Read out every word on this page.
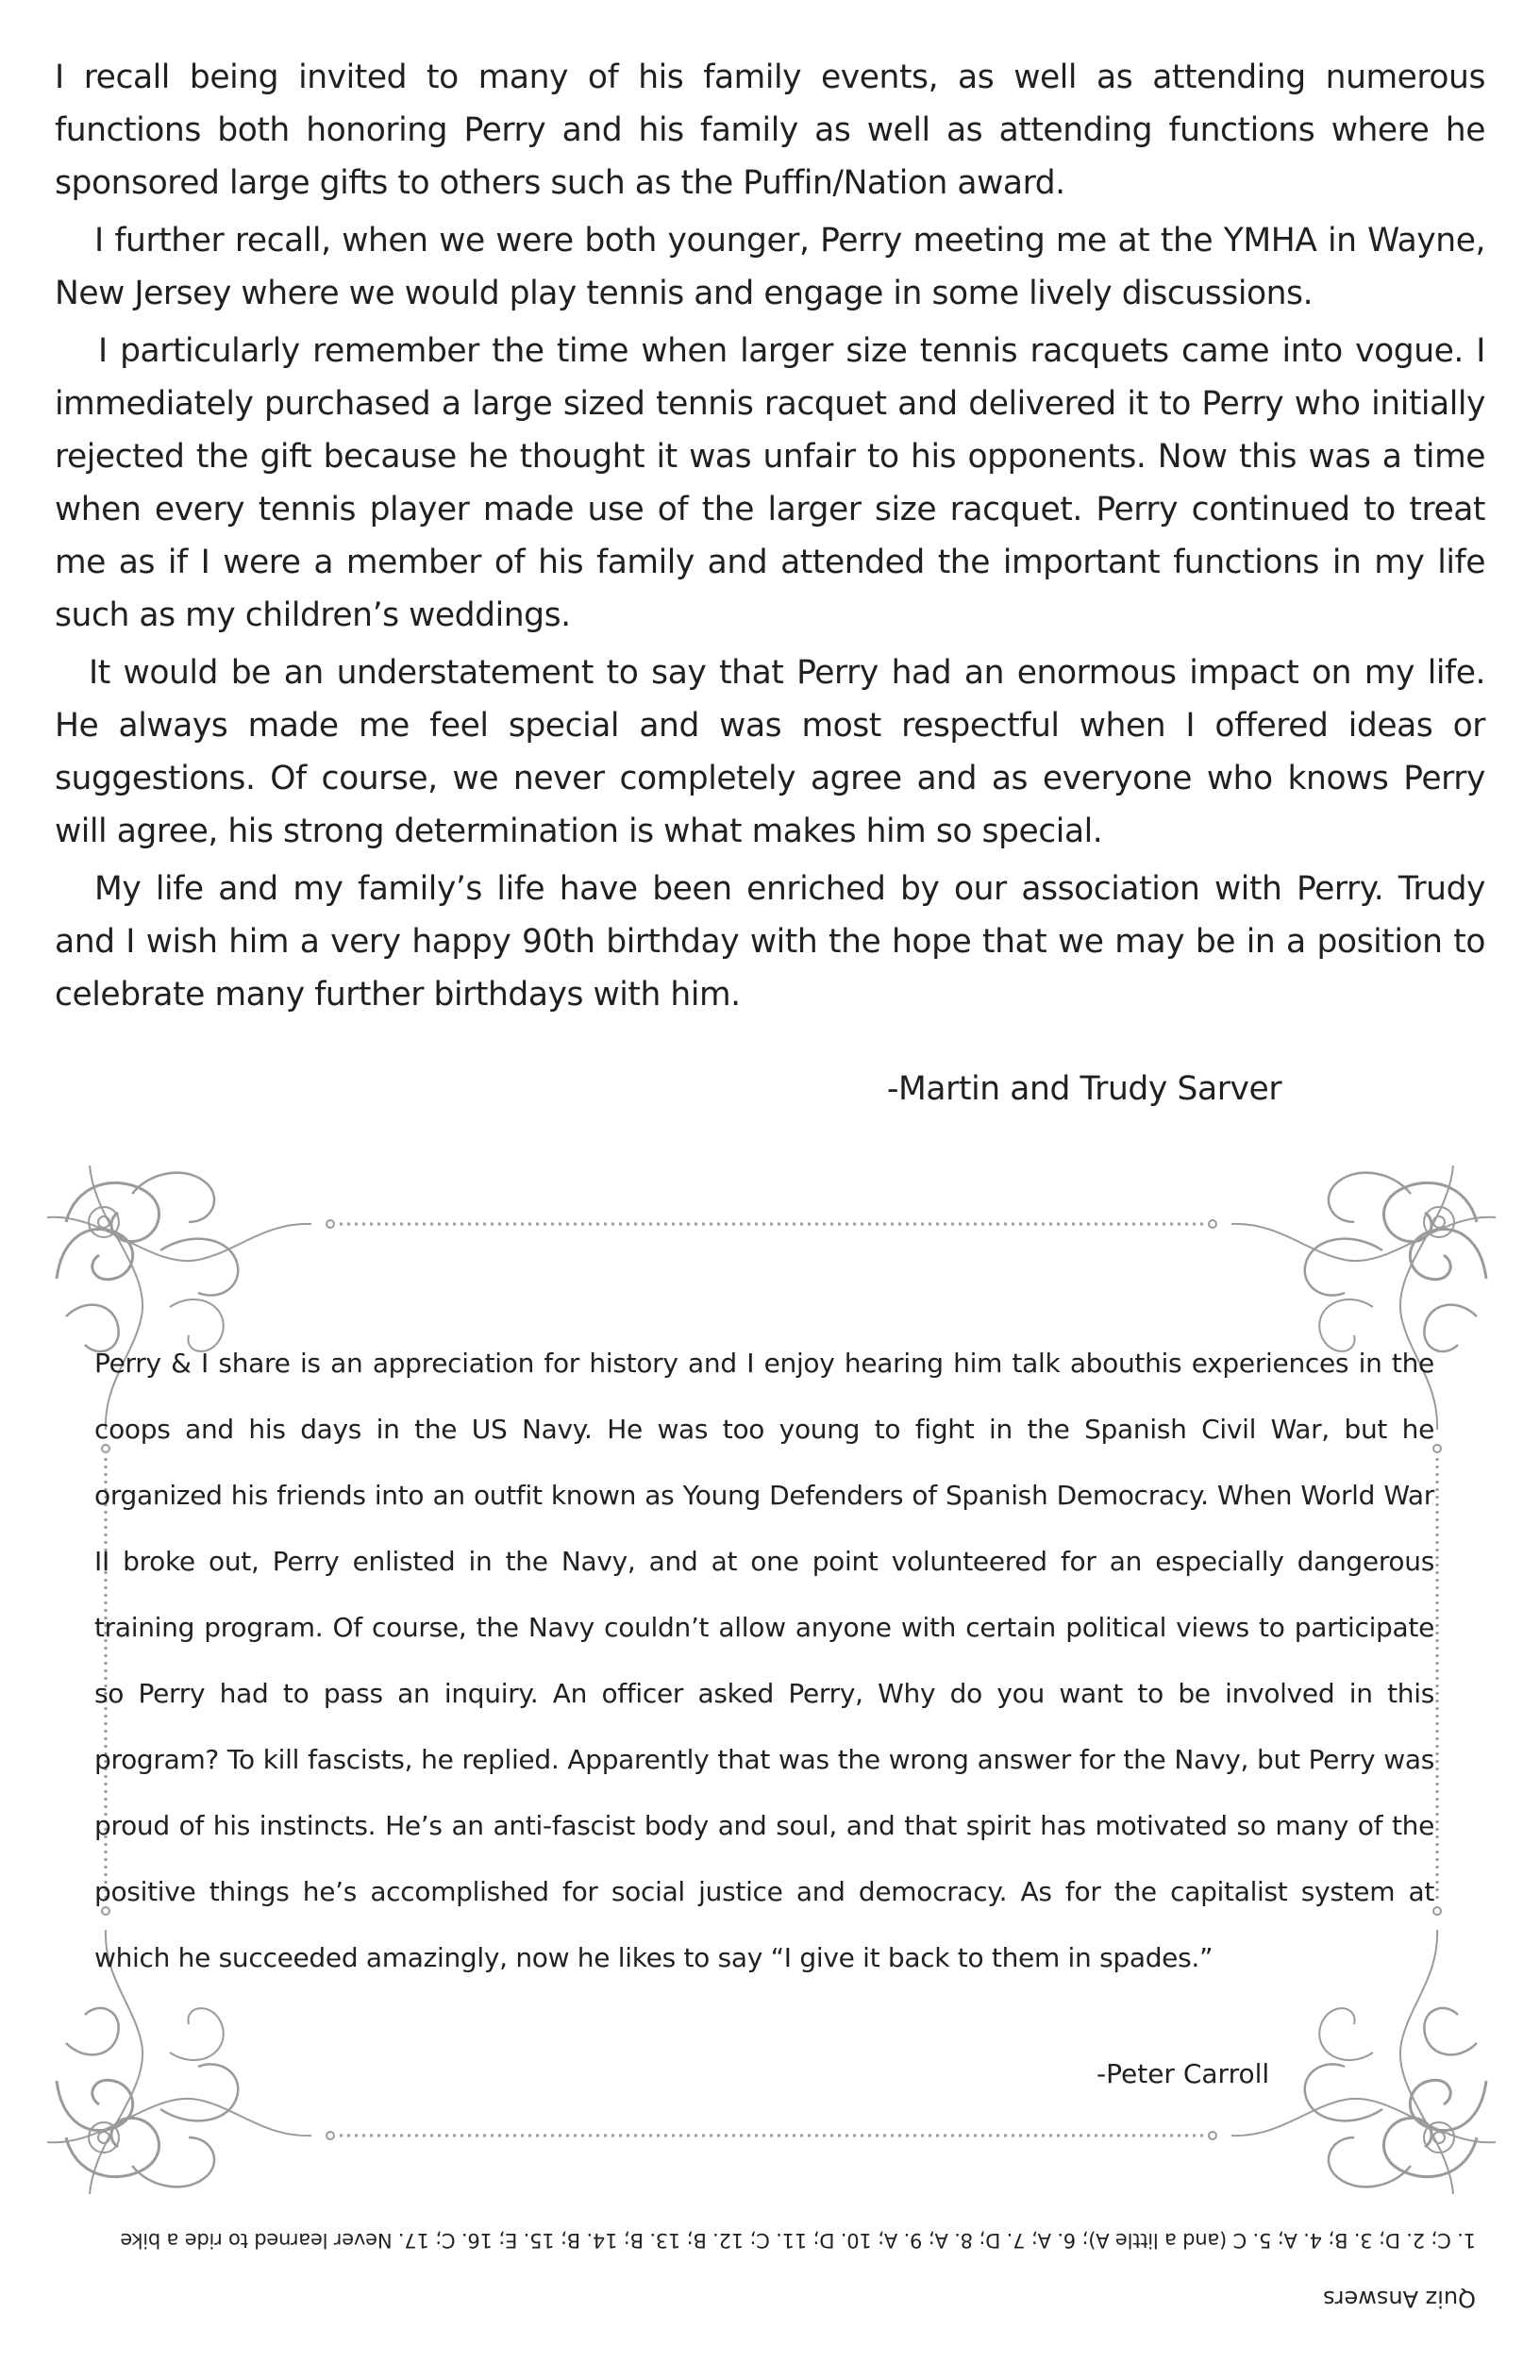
I recall being invited to many of his family events, as well as attending numerous functions both honoring Perry and his family as well as attending functions where he sponsored large gifts to others such as the Puffin/Nation award.

I further recall, when we were both younger, Perry meeting me at the YMHA in Wayne, New Jersey where we would play tennis and engage in some lively discussions.

I particularly remember the time when larger size tennis racquets came into vogue. I immediately purchased a large sized tennis racquet and delivered it to Perry who initially rejected the gift because he thought it was unfair to his opponents. Now this was a time when every tennis player made use of the larger size racquet. Perry continued to treat me as if I were a member of his family and attended the important functions in my life such as my children’s weddings.

It would be an understatement to say that Perry had an enormous impact on my life. He always made me feel special and was most respectful when I offered ideas or suggestions. Of course, we never completely agree and as everyone who knows Perry will agree, his strong determination is what makes him so special.

My life and my family’s life have been enriched by our association with Perry. Trudy and I wish him a very happy 90th birthday with the hope that we may be in a position to celebrate many further birthdays with him.

-Martin and Trudy Sarver

Perry & I share is an appreciation for history and I enjoy hearing him talk abouthis experiences in the coops and his days in the US Navy. He was too young to fight in the Spanish Civil War, but he organized his friends into an outfit known as Young Defenders of Spanish Democracy. When World War II broke out, Perry enlisted in the Navy, and at one point volunteered for an especially dangerous training program. Of course, the Navy couldn’t allow anyone with certain political views to participate so Perry had to pass an inquiry. An officer asked Perry, Why do you want to be involved in this program? To kill fascists, he replied. Apparently that was the wrong answer for the Navy, but Perry was proud of his instincts. He’s an anti-fascist body and soul, and that spirit has motivated so many of the positive things he’s accomplished for social justice and democracy. As for the capitalist system at which he succeeded amazingly, now he likes to say “I give it back to them in spades.”

-Peter Carroll
Quiz Answers
1. C; 2. D; 3. B; 4. A; 5. C (and a little A); 6. A; 7. D; 8. A; 9. A; 10. D; 11. C; 12. B; 13. B; 14. B; 15. E; 16. C; 17. Never learned to ride a bike
